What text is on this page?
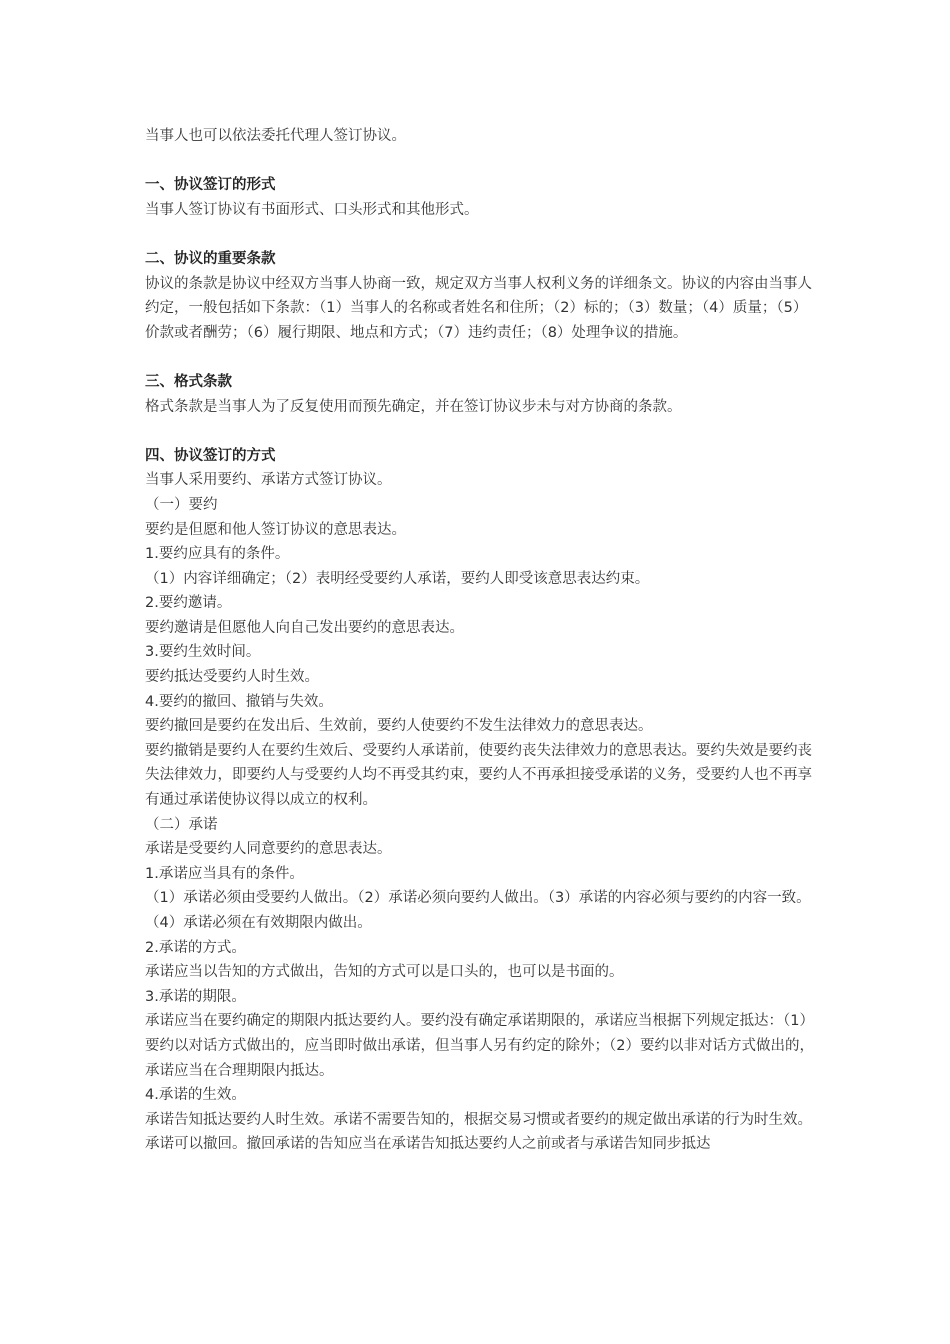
当事人也可以依法委托代理人签订协议。

一、协议签订的形式

当事人签订协议有书面形式、口头形式和其他形式。

二、协议的重要条款

协议的条款是协议中经双方当事人协商一致，规定双方当事人权利义务的详细条文。协议的内容由当事人约定，一般包括如下条款：（1）当事人的名称或者姓名和住所；（2）标的；（3）数量；（4）质量；（5）价款或者酬劳；（6）履行期限、地点和方式；（7）违约责任；（8）处理争议的措施。

三、格式条款

格式条款是当事人为了反复使用而预先确定，并在签订协议步未与对方协商的条款。

四、协议签订的方式

当事人采用要约、承诺方式签订协议。

（一）要约

要约是但愿和他人签订协议的意思表达。

1.要约应具有的条件。

（1）内容详细确定；（2）表明经受要约人承诺，要约人即受该意思表达约束。

2.要约邀请。

要约邀请是但愿他人向自己发出要约的意思表达。

3.要约生效时间。

要约抵达受要约人时生效。

4.要约的撤回、撤销与失效。

要约撤回是要约在发出后、生效前，要约人使要约不发生法律效力的意思表达。

要约撤销是要约人在要约生效后、受要约人承诺前，使要约丧失法律效力的意思表达。要约失效是要约丧失法律效力，即要约人与受要约人均不再受其约束，要约人不再承担接受承诺的义务，受要约人也不再享有通过承诺使协议得以成立的权利。

（二）承诺

承诺是受要约人同意要约的意思表达。

1.承诺应当具有的条件。

（1）承诺必须由受要约人做出。（2）承诺必须向要约人做出。（3）承诺的内容必须与要约的内容一致。（4）承诺必须在有效期限内做出。

2.承诺的方式。

承诺应当以告知的方式做出，告知的方式可以是口头的，也可以是书面的。

3.承诺的期限。

承诺应当在要约确定的期限内抵达要约人。要约没有确定承诺期限的，承诺应当根据下列规定抵达：（1）要约以对话方式做出的，应当即时做出承诺，但当事人另有约定的除外；（2）要约以非对话方式做出的，承诺应当在合理期限内抵达。

4.承诺的生效。

承诺告知抵达要约人时生效。承诺不需要告知的，根据交易习惯或者要约的规定做出承诺的行为时生效。

承诺可以撤回。撤回承诺的告知应当在承诺告知抵达要约人之前或者与承诺告知同步抵达
